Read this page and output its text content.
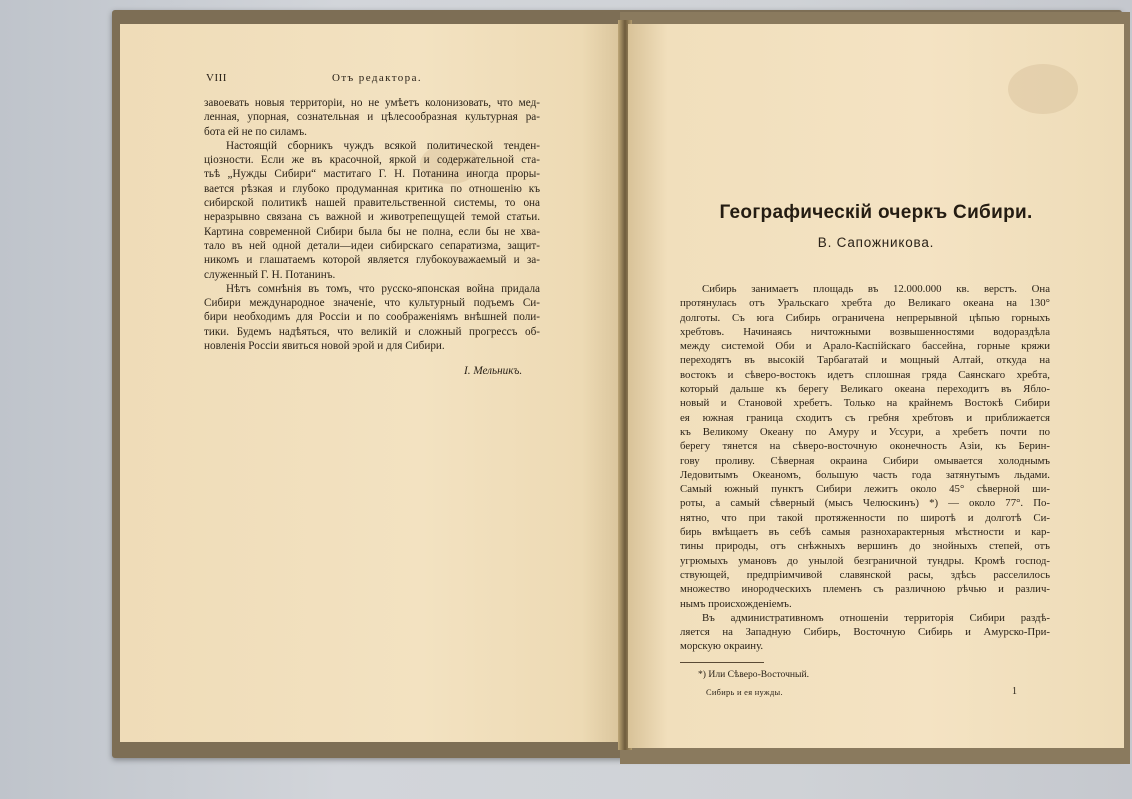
VIII	Отъ редактора.
завоевать новыя территоріи, но не умѣетъ колонизовать, что мед-
ленная, упорная, сознательная и цѣлесообразная культурная ра-
бота ей не по силамъ.
Настоящій сборникъ чуждъ всякой политической тенден-
ціозности. Если же въ красочной, яркой и содержательной ста-
тьѣ „Нужды Сибири“ маститаго Г. Н. Потанина иногда проры-
вается рѣзкая и глубоко продуманная критика по отношенію къ
сибирской политикѣ нашей правительственной системы, то она
неразрывно связана съ важной и животрепещущей темой статьи.
Картина современной Сибири была бы не полна, если бы не хва-
тало въ ней одной детали—идеи сибирскаго сепаратизма, защит-
никомъ и глашатаемъ которой является глубокоуважаемый и за-
служенный Г. Н. Потанинъ.
Нѣтъ сомнѣнія въ томъ, что русско-японская война придала
Сибири международное значеніе, что культурный подъемъ Си-
бири необходимъ для Россіи и по соображеніямъ внѣшней поли-
тики. Будемъ надѣяться, что великій и сложный прогрессъ об-
новленія Россіи явиться новой эрой и для Сибири.
І. Мельникъ.
Географическій очеркъ Сибири.
В. Сапожникова.
Сибирь занимаетъ площадь въ 12.000.000 кв. верстъ. Она
протянулась отъ Уральскаго хребта до Великаго океана на 130°
долготы. Съ юга Сибирь ограничена непрерывной цѣпью горныхъ
хребтовъ. Начинаясь ничтожными возвышенностями водораздѣла
между системой Оби и Арало-Каспійскаго бассейна, горные кряжи
переходятъ въ высокій Тарбагатай и мощный Алтай, откуда на
востокъ и сѣверо-востокъ идетъ сплошная гряда Саянскаго хребта,
который дальше къ берегу Великаго океана переходитъ въ Ябло-
новый и Становой хребетъ. Только на крайнемъ Востокѣ Сибири
ея южная граница сходитъ съ гребня хребтовъ и приближается
къ Великому Океану по Амуру и Уссури, а хребетъ почти по
берегу тянется на сѣверо-восточную оконечность Азіи, къ Берин-
гову проливу. Сѣверная окраина Сибири омывается холоднымъ
Ледовитымъ Океаномъ, большую часть года затянутымъ льдами.
Самый южный пунктъ Сибири лежитъ около 45° сѣверной ши-
роты, а самый сѣверный (мысъ Челюскинъ) *) — около 77°. По-
нятно, что при такой протяженности по широтѣ и долготѣ Си-
бирь вмѣщаетъ въ себѣ самыя разнохарактерныя мѣстности и кар-
тины природы, отъ снѣжныхъ вершинъ до знойныхъ степей, отъ
угрюмыхъ умановъ до унылой безграничной тундры. Кромѣ господ-
ствующей, предпріимчивой славянской расы, здѣсь расселилось
множество инородческихъ племенъ съ различною рѣчью и различ-
нымъ происхожденіемъ.
Въ административномъ отношеніи территорія Сибири раздѣ-
ляется на Западную Сибирь, Восточную Сибирь и Амурско-При-
морскую окраину.
*) Или Сѣверо-Восточный.
Сибирь и ея нужды.	1
